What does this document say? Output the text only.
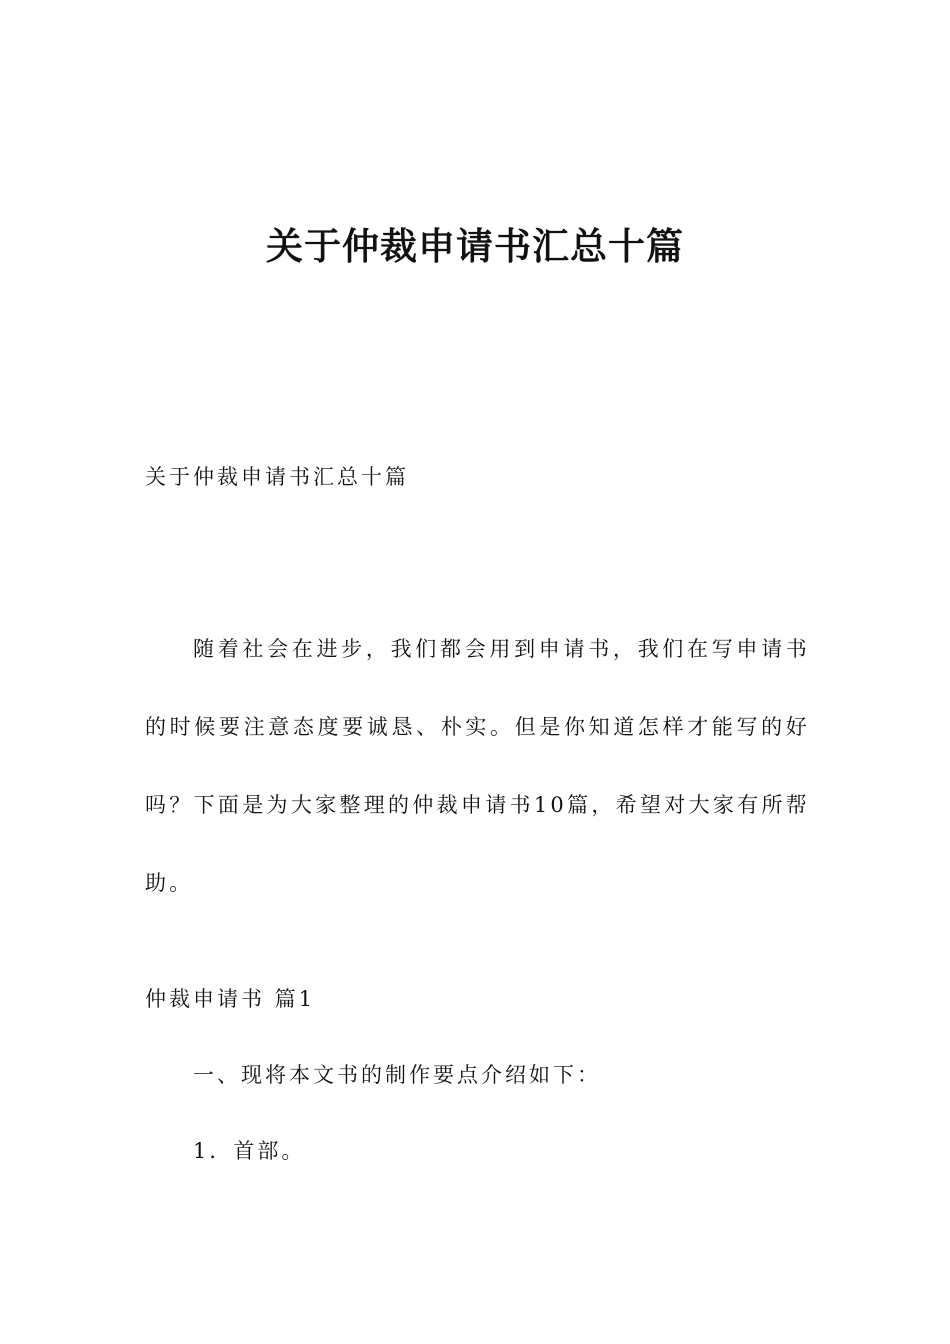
关于仲裁申请书汇总十篇

关于仲裁申请书汇总十篇

随着社会在进步，我们都会用到申请书，我们在写申请书的时候要注意态度要诚恳、朴实。但是你知道怎样才能写的好吗？下面是为大家整理的仲裁申请书10篇，希望对大家有所帮助。

仲裁申请书 篇1

一、现将本文书的制作要点介绍如下：

1．首部。
